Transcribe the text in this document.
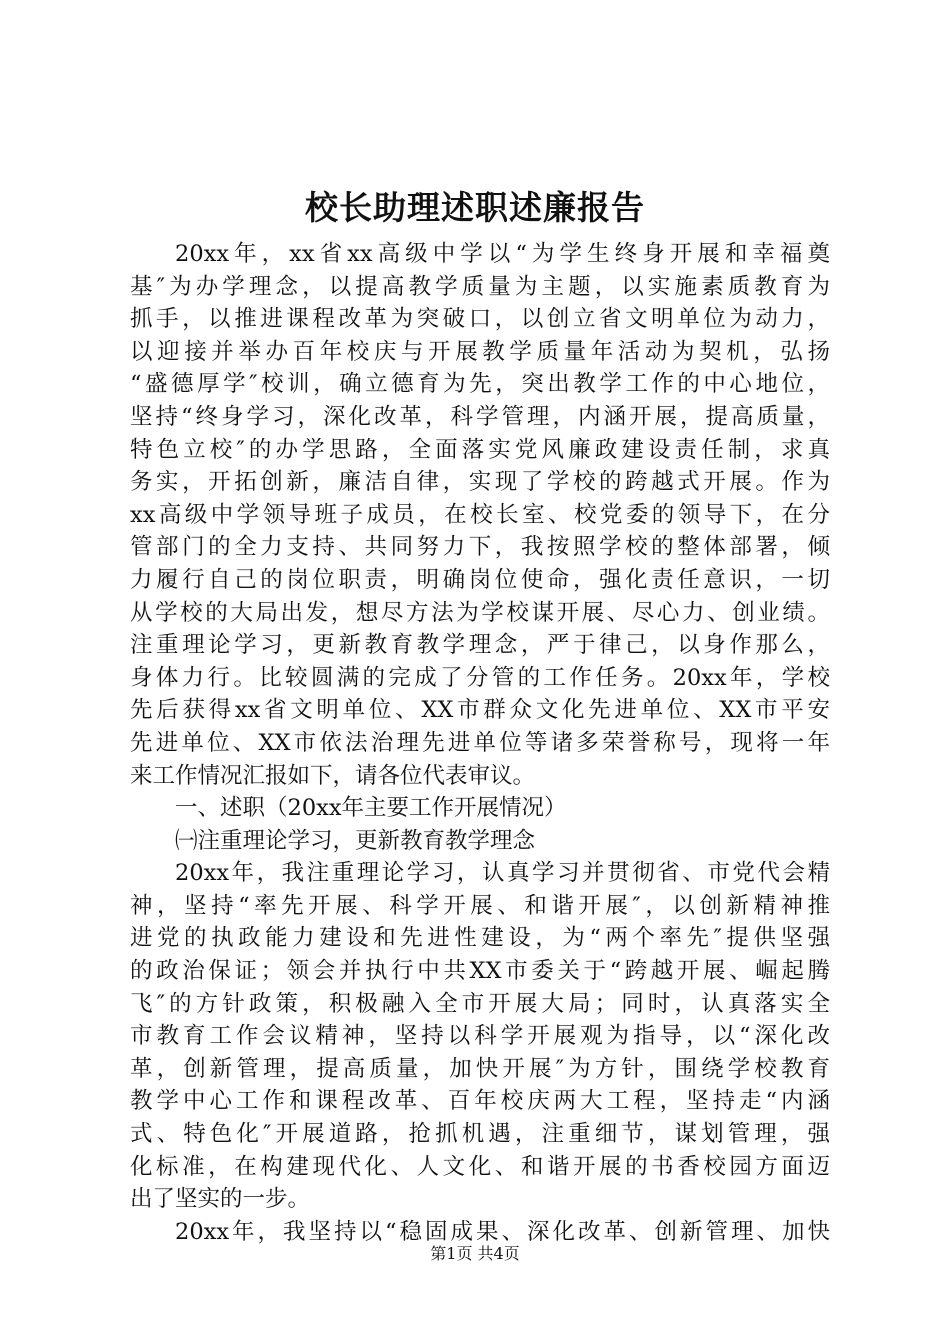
校长助理述职述廉报告
20xx年，xx省xx高级中学以“为学生终身开展和幸福奠
基″为办学理念，以提高教学质量为主题，以实施素质教育为
抓手，以推进课程改革为突破口，以创立省文明单位为动力，
以迎接并举办百年校庆与开展教学质量年活动为契机，弘扬
“盛德厚学″校训，确立德育为先，突出教学工作的中心地位，
坚持“终身学习，深化改革，科学管理，内涵开展，提高质量，
特色立校″的办学思路，全面落实党风廉政建设责任制，求真
务实，开拓创新，廉洁自律，实现了学校的跨越式开展。作为
xx高级中学领导班子成员，在校长室、校党委的领导下，在分
管部门的全力支持、共同努力下，我按照学校的整体部署，倾
力履行自己的岗位职责，明确岗位使命，强化责任意识，一切
从学校的大局出发，想尽方法为学校谋开展、尽心力、创业绩。
注重理论学习，更新教育教学理念，严于律己，以身作那么，
身体力行。比较圆满的完成了分管的工作任务。20xx年，学校
先后获得xx省文明单位、XX市群众文化先进单位、XX市平安
先进单位、XX市依法治理先进单位等诸多荣誉称号，现将一年
来工作情况汇报如下，请各位代表审议。
一、述职（20xx年主要工作开展情况）
㈠注重理论学习，更新教育教学理念
20xx年，我注重理论学习，认真学习并贯彻省、市党代会精
神，坚持“率先开展、科学开展、和谐开展″，以创新精神推
进党的执政能力建设和先进性建设，为“两个率先″提供坚强
的政治保证；领会并执行中共XX市委关于“跨越开展、崛起腾
飞″的方针政策，积极融入全市开展大局；同时，认真落实全
市教育工作会议精神，坚持以科学开展观为指导，以“深化改
革，创新管理，提高质量，加快开展″为方针，围绕学校教育
教学中心工作和课程改革、百年校庆两大工程，坚持走“内涵
式、特色化″开展道路，抢抓机遇，注重细节，谋划管理，强
化标准，在构建现代化、人文化、和谐开展的书香校园方面迈
出了坚实的一步。
20xx年，我坚持以“稳固成果、深化改革、创新管理、加快
第1页 共4页
